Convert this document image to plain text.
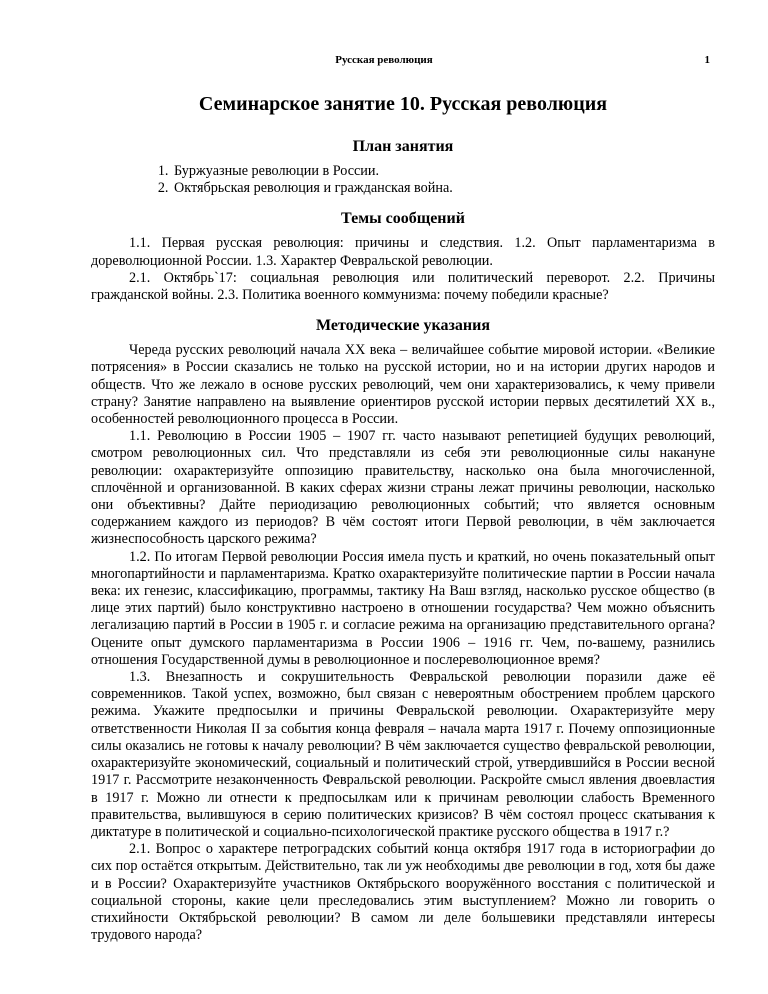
Русская революция	1
Семинарское занятие 10. Русская революция
План занятия
1. Буржуазные революции в России.
2. Октябрьская революция и гражданская война.
Темы сообщений

1.1. Первая русская революция: причины и следствия. 1.2. Опыт парламентаризма в дореволюционной России. 1.3. Характер Февральской революции.

2.1. Октябрь`17: социальная революция или политический переворот. 2.2. Причины гражданской войны. 2.3. Политика военного коммунизма: почему победили красные?

Методические указания

Череда русских революций начала XX века – величайшее событие мировой истории. «Великие потрясения» в России сказались не только на русской истории, но и на истории других народов и обществ. Что же лежало в основе русских революций, чем они характеризовались, к чему привели страну? Занятие направлено на выявление ориентиров русской истории первых десятилетий XX в., особенностей революционного процесса в России.

1.1. Революцию в России 1905 – 1907 гг. часто называют репетицией будущих революций, смотром революционных сил. Что представляли из себя эти революционные силы накануне революции: охарактеризуйте оппозицию правительству, насколько она была многочисленной, сплочённой и организованной. В каких сферах жизни страны лежат причины революции, насколько они объективны? Дайте периодизацию революционных событий; что является основным содержанием каждого из периодов? В чём состоят итоги Первой революции, в чём заключается жизнеспособность царского режима?

1.2. По итогам Первой революции Россия имела пусть и краткий, но очень показательный опыт многопартийности и парламентаризма. Кратко охарактеризуйте политические партии в России начала века: их генезис, классификацию, программы, тактику На Ваш взгляд, насколько русское общество (в лице этих партий) было конструктивно настроено в отношении государства? Чем можно объяснить легализацию партий в России в 1905 г. и согласие режима на организацию представительного органа? Оцените опыт думского парламентаризма в России 1906 – 1916 гг. Чем, по-вашему, разнились отношения Государственной думы в революционное и послереволюционное время?

1.3. Внезапность и сокрушительность Февральской революции поразили даже её современников. Такой успех, возможно, был связан с невероятным обострением проблем царского режима. Укажите предпосылки и причины Февральской революции. Охарактеризуйте меру ответственности Николая II за события конца февраля – начала марта 1917 г. Почему оппозиционные силы оказались не готовы к началу революции? В чём заключается существо февральской революции, охарактеризуйте экономический, социальный и политический строй, утвердившийся в России весной 1917 г. Рассмотрите незаконченность Февральской революции. Раскройте смысл явления двоевластия в 1917 г. Можно ли отнести к предпосылкам или к причинам революции слабость Временного правительства, вылившуюся в серию политических кризисов? В чём состоял процесс скатывания к диктатуре в политической и социально-психологической практике русского общества в 1917 г.?

2.1. Вопрос о характере петроградских событий конца октября 1917 года в историографии до сих пор остаётся открытым. Действительно, так ли уж необходимы две революции в год, хотя бы даже и в России? Охарактеризуйте участников Октябрьского вооружённого восстания с политической и социальной стороны, какие цели преследовались этим выступлением? Можно ли говорить о стихийности Октябрьской революции? В самом ли деле большевики представляли интересы трудового народа?
